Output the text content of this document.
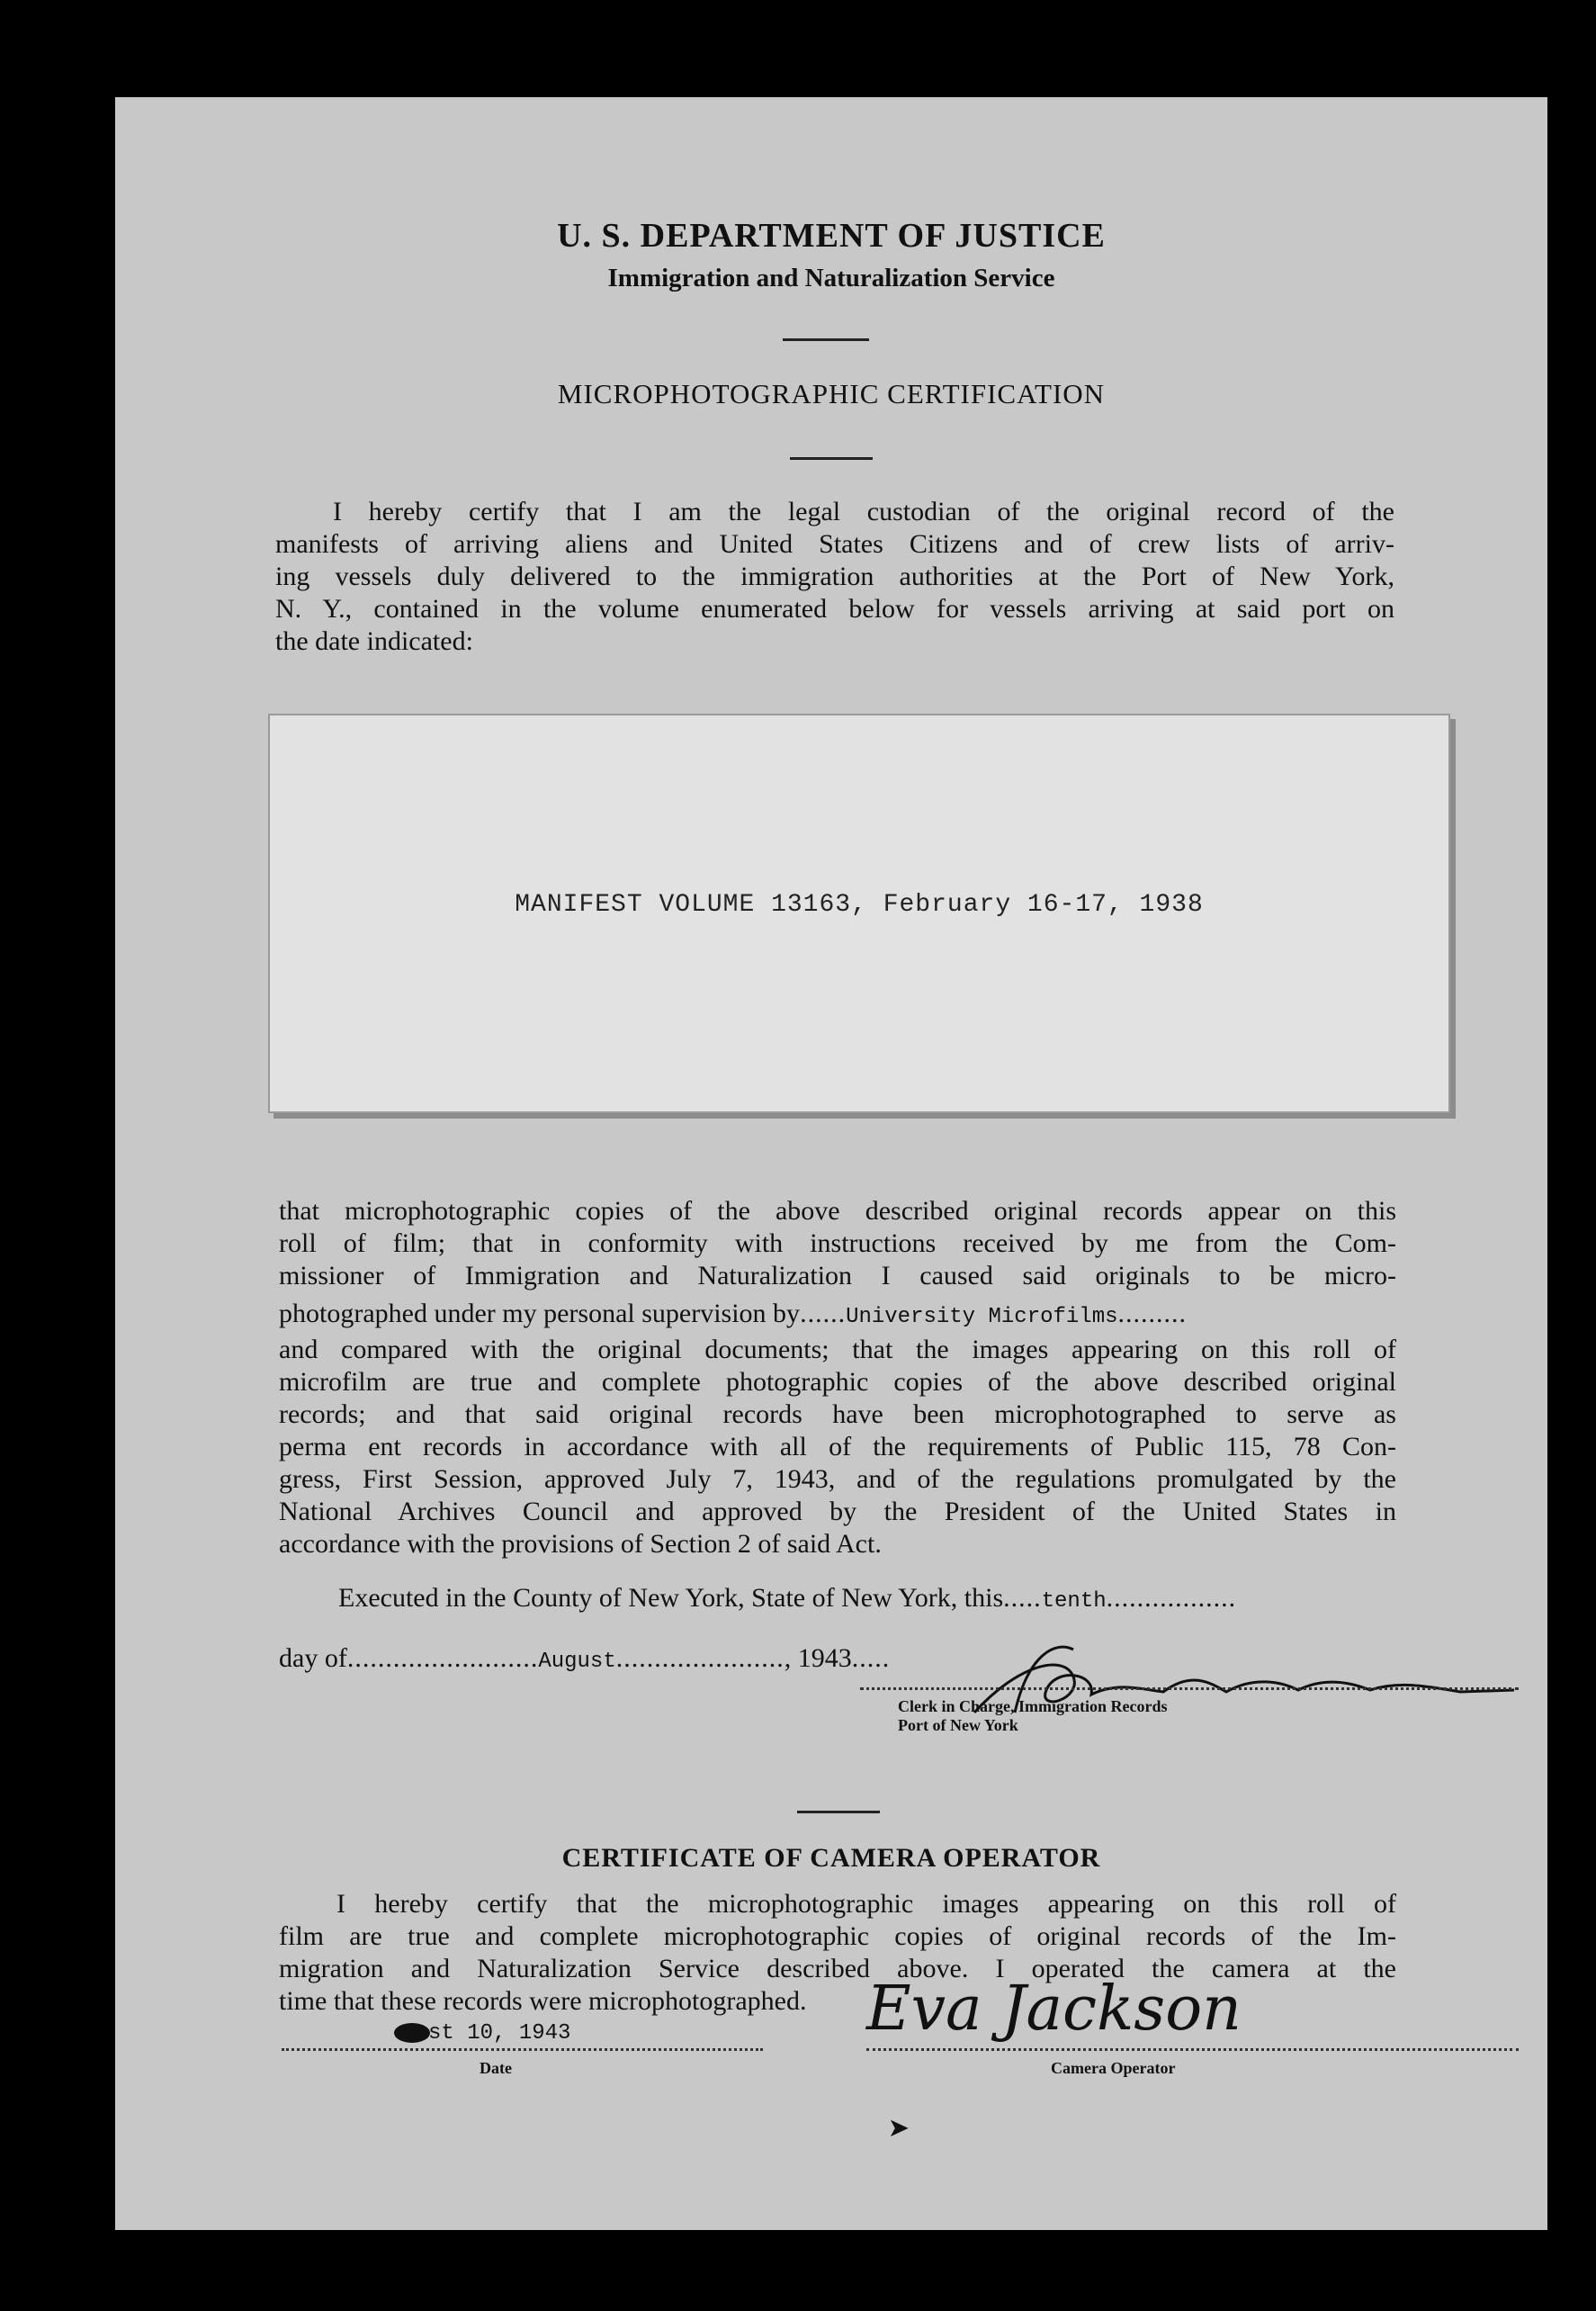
U. S. DEPARTMENT OF JUSTICE
Immigration and Naturalization Service
MICROPHOTOGRAPHIC CERTIFICATION
I hereby certify that I am the legal custodian of the original record of the
manifests of arriving aliens and United States Citizens and of crew lists of arriv-
ing vessels duly delivered to the immigration authorities at the Port of New York,
N. Y., contained in the volume enumerated below for vessels arriving at said port on
the date indicated:
MANIFEST VOLUME 13163, February 16-17, 1938
that microphotographic copies of the above described original records appear on this
roll of film; that in conformity with instructions received by me from the Com-
missioner of Immigration and Naturalization I caused said originals to be micro-
photographed under my personal supervision by......University Microfilms.........
and compared with the original documents; that the images appearing on this roll of
microfilm are true and complete photographic copies of the above described original
records; and that said original records have been microphotographed to serve as
perma ent records in accordance with all of the requirements of Public 115, 78 Con-
gress, First Session, approved July 7, 1943, and of the regulations promulgated by the
National Archives Council and approved by the President of the United States in
accordance with the provisions of Section 2 of said Act.
Executed in the County of New York, State of New York, this.....tenth.................
day of.........................August......................, 1943.....
Clerk in Charge, Immigration Records
Port of New York
CERTIFICATE OF CAMERA OPERATOR
I hereby certify that the microphotographic images appearing on this roll of
film are true and complete microphotographic copies of original records of the Im-
migration and Naturalization Service described above. I operated the camera at the
time that these records were microphotographed.
st 10, 1943
Date
Eva Jackson
Camera Operator
➤
